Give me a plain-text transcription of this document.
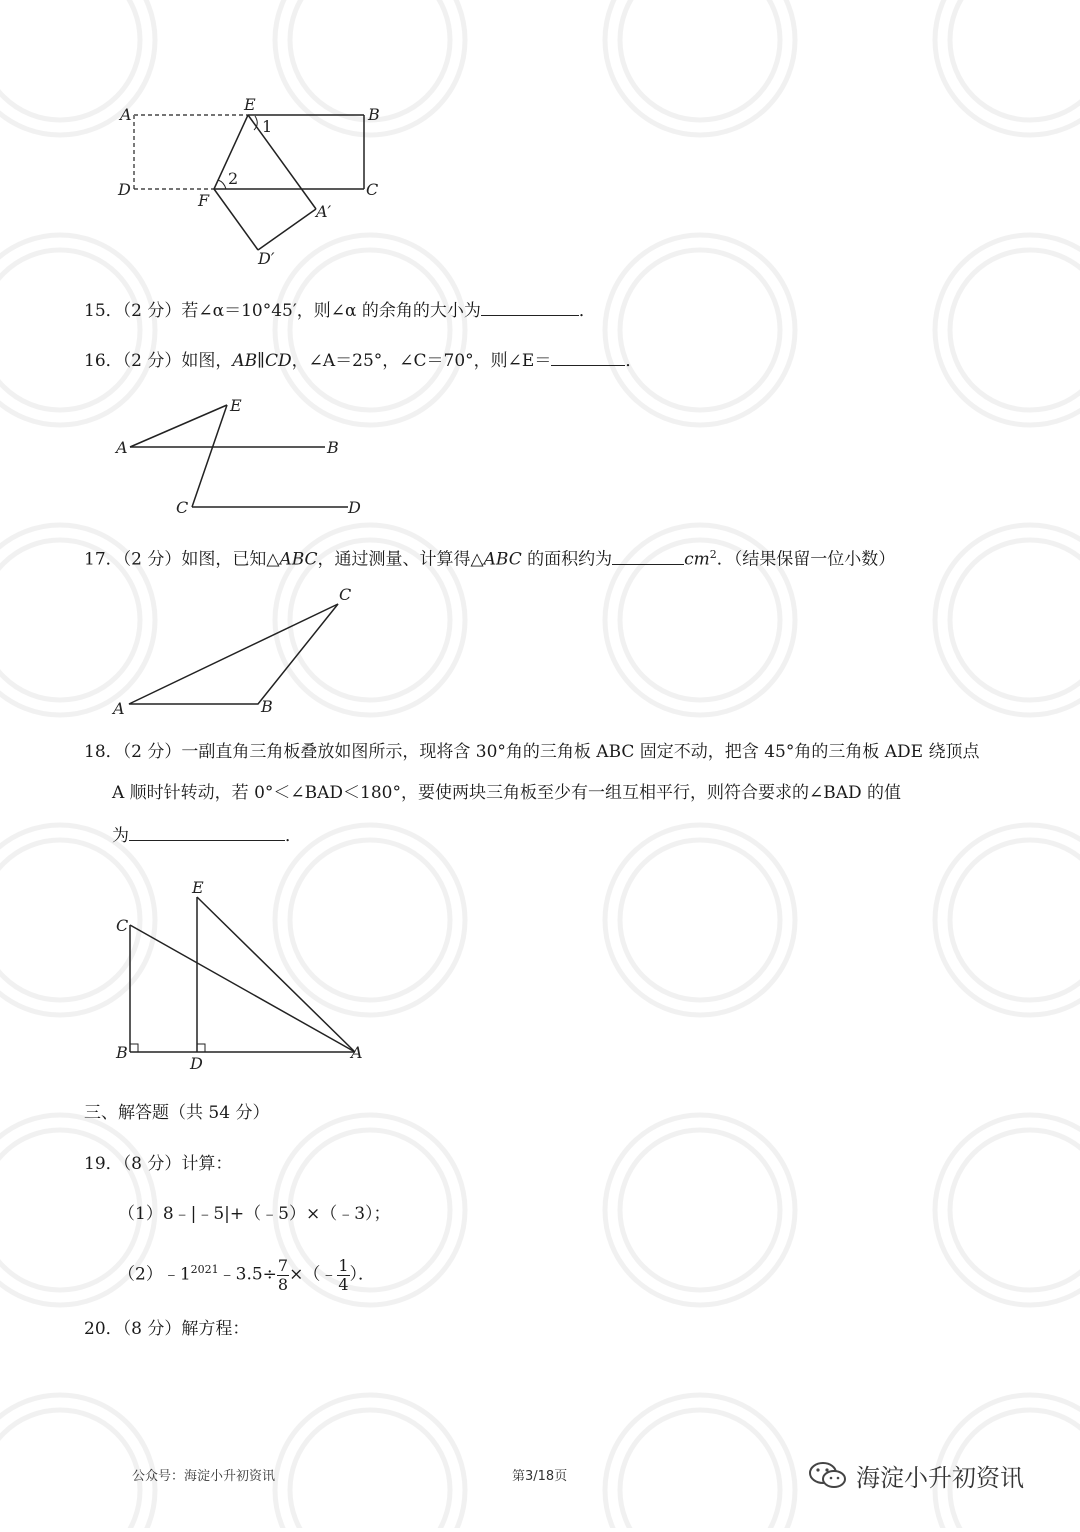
A
E
B
1
D
2
F
C
A′
D′
15．（2 分）若∠α＝10°45′，则∠α 的余角的大小为	．
16．（2 分）如图，AB∥CD，∠A＝25°，∠C＝70°，则∠E＝	．
E
A	B
C	D
17．（2 分）如图，已知△ABC，通过测量、计算得△ABC 的面积约为	$cm^2$．（结果保留一位小数）
C
A	B
18．（2 分）一副直角三角板叠放如图所示，现将含 30°角的三角板 ABC 固定不动，把含 45°角的三角板 ADE 绕顶点
A 顺时针转动，若 0°＜∠BAD＜180°，要使两块三角板至少有一组互相平行，则符合要求的∠BAD 的值
为	．
E
C
B
D
A
三、解答题（共 54 分）
19．（8 分）计算：
（1）8﹣|﹣5|+（﹣5）×（﹣3）；
$(2)﹣1^{2021}﹣3.5\div \frac{7}{8}$ ×（﹣ $\frac{1}{4}$ ）．
20．（8 分）解方程：
公众号：海淀小升初资讯	第3/18页	海淀小升初资讯
